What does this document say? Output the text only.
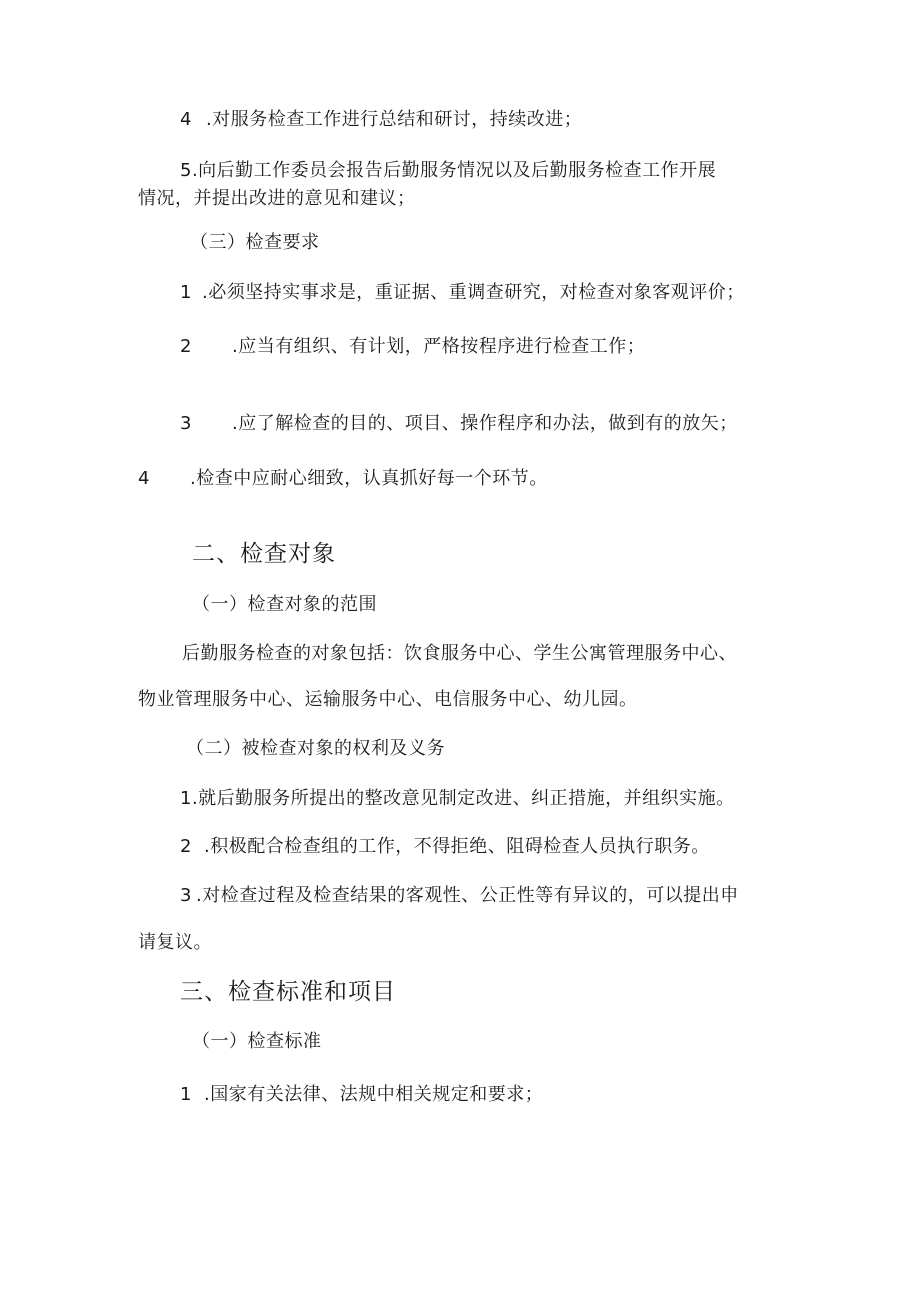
4 .对服务检查工作进行总结和研讨，持续改进；
5.向后勤工作委员会报告后勤服务情况以及后勤服务检查工作开展
情况，并提出改进的意见和建议；
（三）检查要求
1 .必须坚持实事求是，重证据、重调查研究，对检查对象客观评价；
2 .应当有组织、有计划，严格按程序进行检查工作；
3 .应了解检查的目的、项目、操作程序和办法，做到有的放矢；
4 .检查中应耐心细致，认真抓好每一个环节。
二、检查对象
（一）检查对象的范围
后勤服务检查的对象包括：饮食服务中心、学生公寓管理服务中心、
物业管理服务中心、运输服务中心、电信服务中心、幼儿园。
（二）被检查对象的权利及义务
1.就后勤服务所提出的整改意见制定改进、纠正措施，并组织实施。
2 .积极配合检查组的工作，不得拒绝、阻碍检查人员执行职务。
3 .对检查过程及检查结果的客观性、公正性等有异议的，可以提出申
请复议。
三、检查标准和项目
（一）检查标准
1 .国家有关法律、法规中相关规定和要求；
